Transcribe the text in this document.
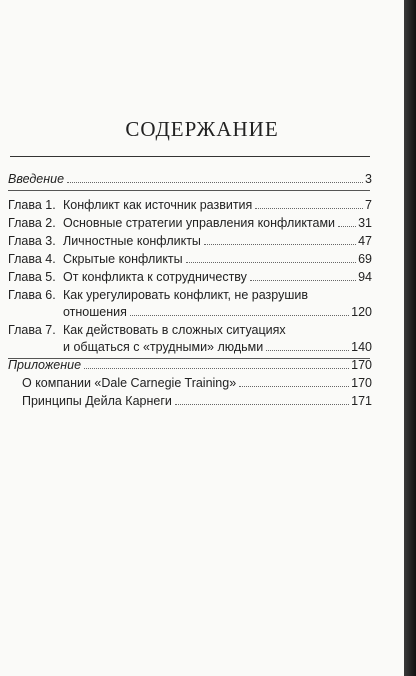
СОДЕРЖАНИЕ
Введение	3
Глава 1. Конфликт как источник развития	7
Глава 2. Основные стратегии управления конфликтами 31
Глава 3. Личностные конфликты	47
Глава 4. Скрытые конфликты	69
Глава 5. От конфликта к сотрудничеству	94
Глава 6. Как урегулировать конфликт, не разрушив
отношения	120
Глава 7. Как действовать в сложных ситуациях
и общаться с «трудными» людьми	140
Приложение	170
О компании «Dale Carnegie Training»	170
Принципы Дейла Карнеги	171
